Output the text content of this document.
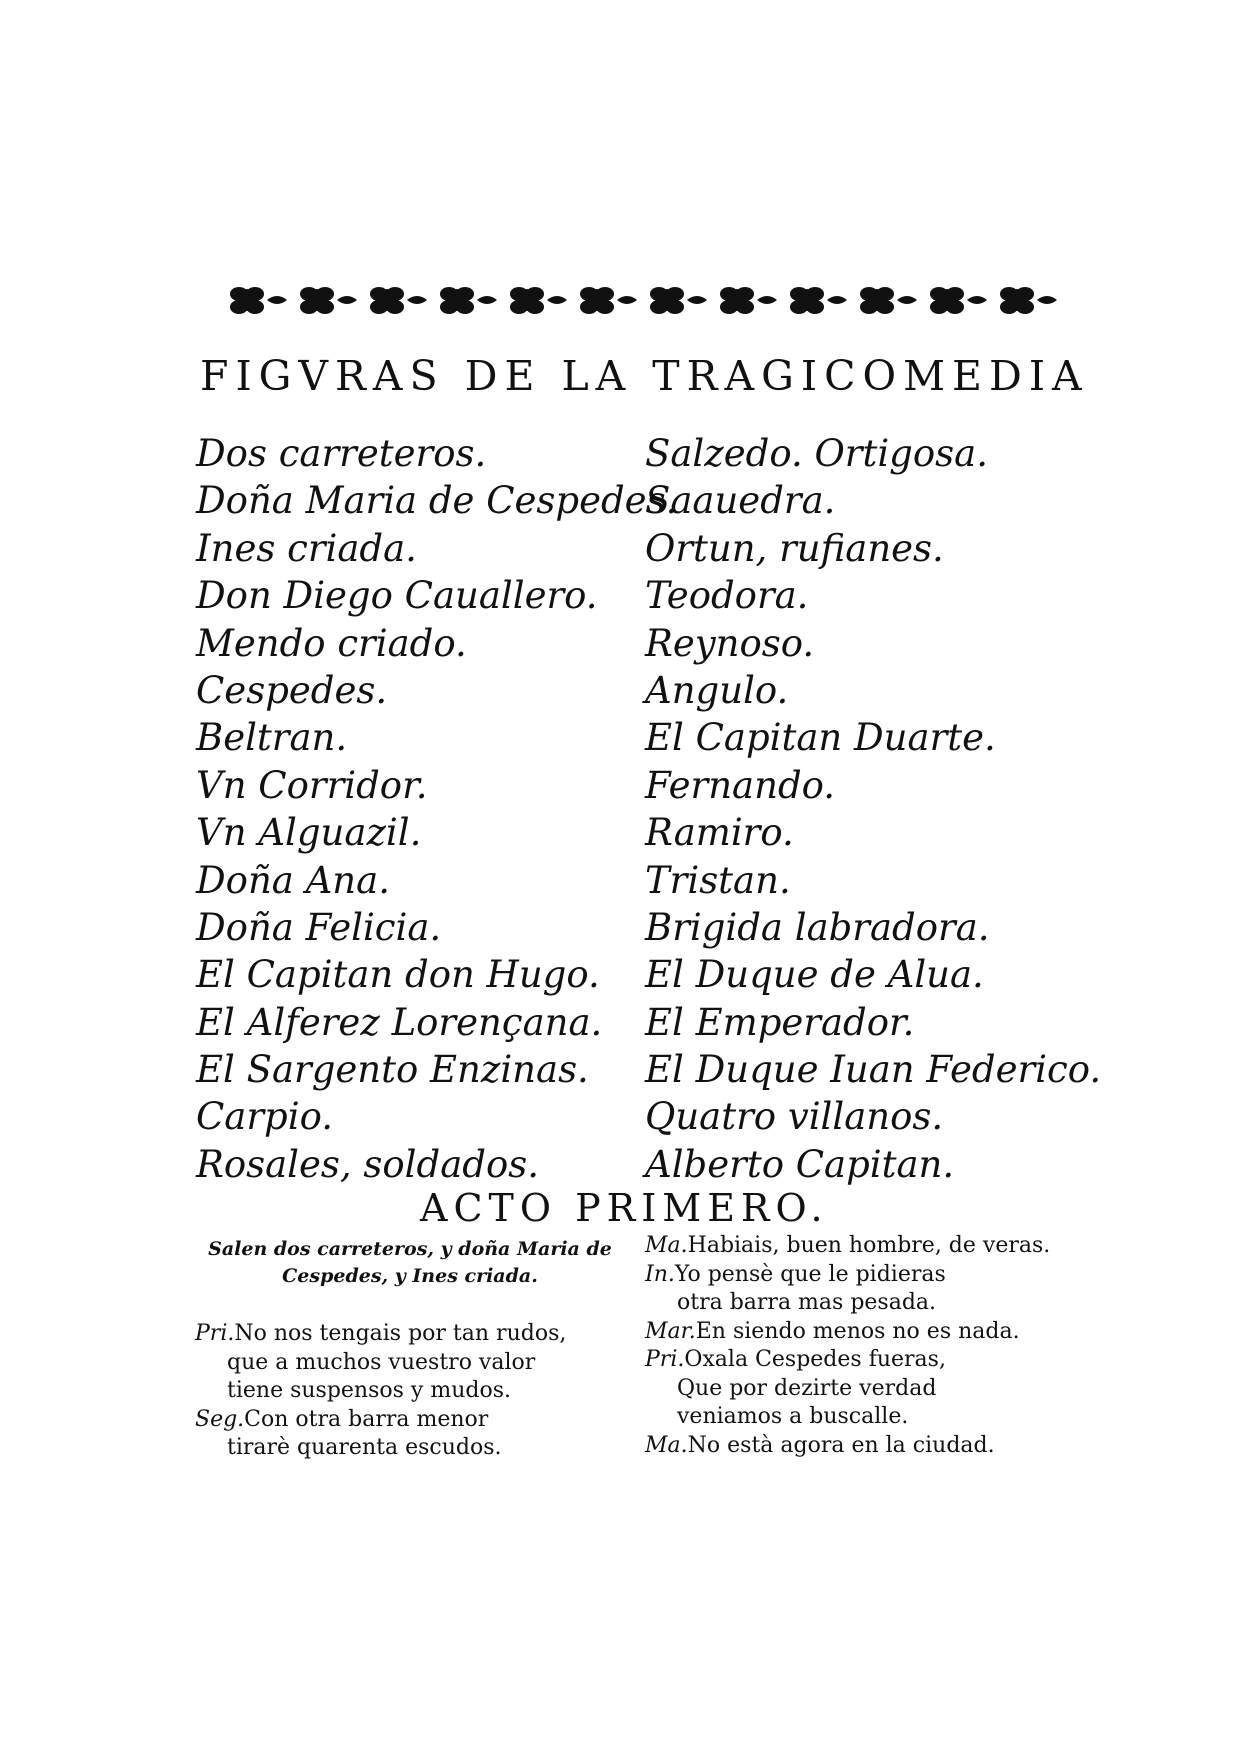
FIGVRAS DE LA TRAGICOMEDIA
Dos carreteros.
Doña Maria de Cespedes.
Ines criada.
Don Diego Cauallero.
Mendo criado.
Cespedes.
Beltran.
Vn Corridor.
Vn Alguazil.
Doña Ana.
Doña Felicia.
El Capitan don Hugo.
El Alferez Lorençana.
El Sargento Enzinas.
Carpio.
Rosales, soldados.
Salzedo. Ortigosa.
Saauedra.
Ortun, rufianes.
Teodora.
Reynoso.
Angulo.
El Capitan Duarte.
Fernando.
Ramiro.
Tristan.
Brigida labradora.
El Duque de Alua.
El Emperador.
El Duque Iuan Federico.
Quatro villanos.
Alberto Capitan.
ACTO PRIMERO.
Salen dos carreteros, y doña Maria de Cespedes, y Ines criada.
Pri.No nos tengais por tan rudos,
que a muchos vuestro valor
tiene suspensos y mudos.
Seg.Con otra barra menor
tirarè quarenta escudos.
Ma.Habiais, buen hombre, de veras.
In.Yo pensè que le pidieras
otra barra mas pesada.
Mar.En siendo menos no es nada.
Pri.Oxala Cespedes fueras,
Que por dezirte verdad
veniamos a buscalle.
Ma.No està agora en la ciudad.
